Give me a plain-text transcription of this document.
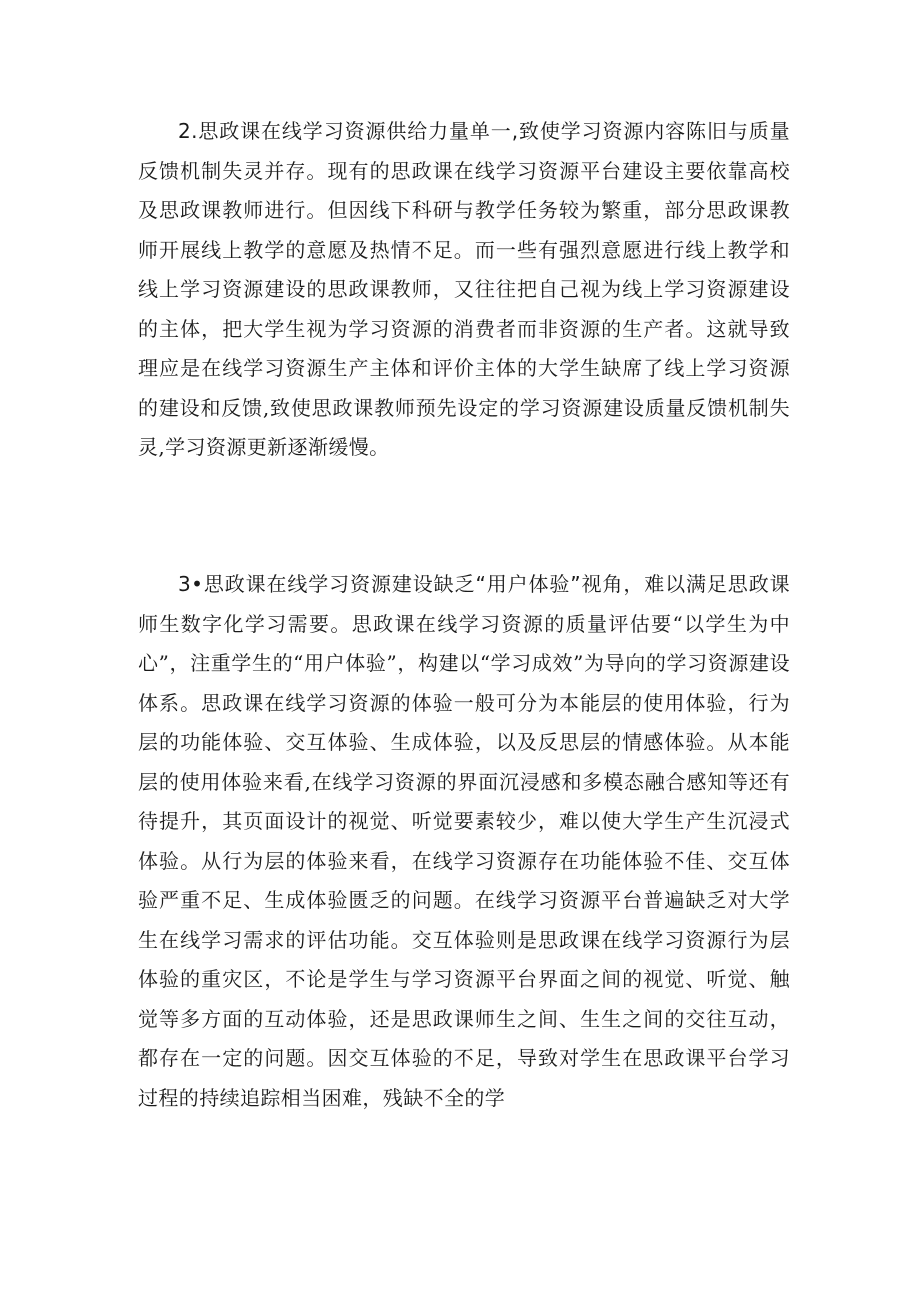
2.思政课在线学习资源供给力量单一,致使学习资源内容陈旧与质量反馈机制失灵并存。现有的思政课在线学习资源平台建设主要依靠高校及思政课教师进行。但因线下科研与教学任务较为繁重，部分思政课教师开展线上教学的意愿及热情不足。而一些有强烈意愿进行线上教学和线上学习资源建设的思政课教师，又往往把自己视为线上学习资源建设的主体，把大学生视为学习资源的消费者而非资源的生产者。这就导致理应是在线学习资源生产主体和评价主体的大学生缺席了线上学习资源的建设和反馈,致使思政课教师预先设定的学习资源建设质量反馈机制失灵,学习资源更新逐渐缓慢。

3•思政课在线学习资源建设缺乏“用户体验”视角，难以满足思政课师生数字化学习需要。思政课在线学习资源的质量评估要“以学生为中心”，注重学生的“用户体验”，构建以“学习成效”为导向的学习资源建设体系。思政课在线学习资源的体验一般可分为本能层的使用体验，行为层的功能体验、交互体验、生成体验，以及反思层的情感体验。从本能层的使用体验来看,在线学习资源的界面沉浸感和多模态融合感知等还有待提升，其页面设计的视觉、听觉要素较少，难以使大学生产生沉浸式体验。从行为层的体验来看，在线学习资源存在功能体验不佳、交互体验严重不足、生成体验匮乏的问题。在线学习资源平台普遍缺乏对大学生在线学习需求的评估功能。交互体验则是思政课在线学习资源行为层体验的重灾区，不论是学生与学习资源平台界面之间的视觉、听觉、触觉等多方面的互动体验，还是思政课师生之间、生生之间的交往互动，都存在一定的问题。因交互体验的不足，导致对学生在思政课平台学习过程的持续追踪相当困难，残缺不全的学
